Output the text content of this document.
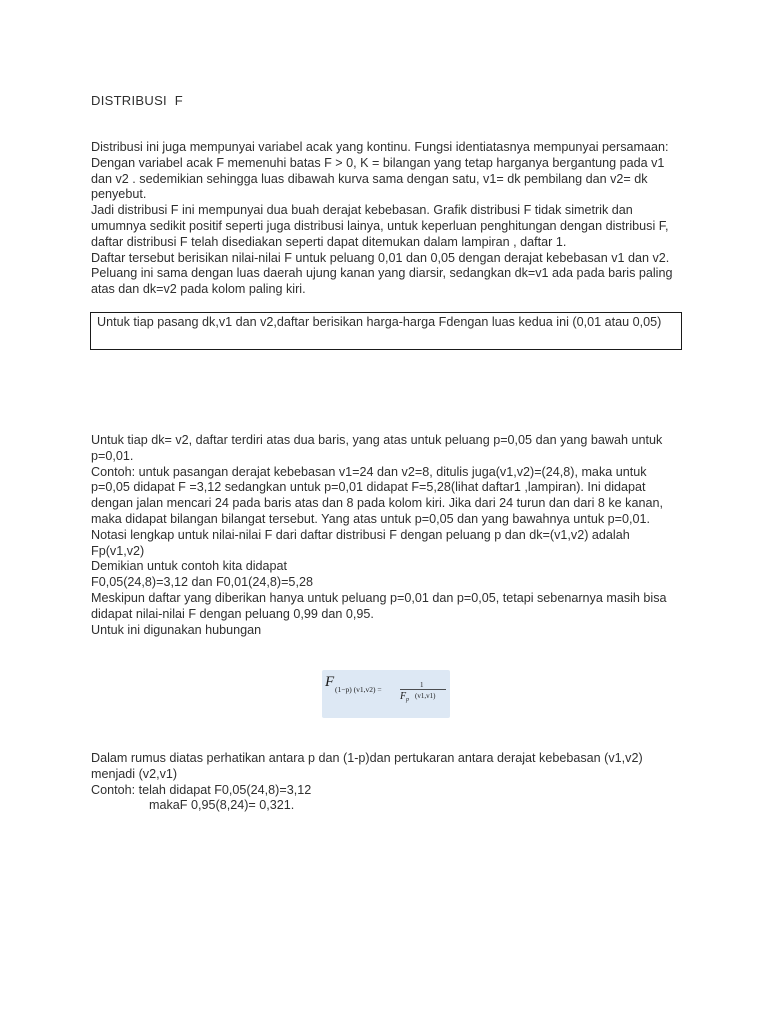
DISTRIBUSI  F

Distribusi ini juga mempunyai variabel acak yang kontinu. Fungsi identiatasnya mempunyai persamaan:

Dengan variabel acak F memenuhi batas F > 0, K = bilangan yang tetap harganya bergantung pada v1 dan v2 . sedemikian sehingga luas dibawah kurva sama dengan satu, v1= dk pembilang dan v2= dk penyebut.

Jadi distribusi F ini mempunyai dua buah derajat kebebasan. Grafik distribusi F tidak simetrik dan umumnya sedikit positif seperti juga distribusi lainya, untuk keperluan penghitungan dengan distribusi F, daftar distribusi F telah disediakan seperti dapat ditemukan dalam lampiran , daftar 1.

Daftar tersebut berisikan nilai-nilai F untuk peluang 0,01 dan 0,05 dengan derajat kebebasan v1 dan v2. Peluang ini sama dengan luas daerah ujung kanan yang diarsir, sedangkan dk=v1 ada pada baris paling atas dan dk=v2 pada kolom paling kiri.

Untuk tiap pasang dk,v1 dan v2,daftar berisikan harga-harga Fdengan luas kedua ini (0,01 atau 0,05)

Untuk tiap dk= v2, daftar terdiri atas dua baris, yang atas untuk peluang p=0,05 dan yang bawah untuk p=0,01.

Contoh: untuk pasangan derajat kebebasan v1=24 dan v2=8, ditulis juga(v1,v2)=(24,8), maka untuk p=0,05 didapat F =3,12 sedangkan untuk p=0,01 didapat F=5,28(lihat daftar1 ,lampiran). Ini didapat dengan jalan mencari 24 pada baris atas dan 8 pada kolom kiri. Jika dari 24 turun dan dari 8 ke kanan, maka didapat bilangan bilangat tersebut. Yang atas untuk p=0,05 dan yang bawahnya untuk p=0,01.

Notasi lengkap untuk nilai-nilai F dari daftar distribusi F dengan peluang p dan dk=(v1,v2) adalah Fp(v1,v2)

Demikian untuk contoh kita didapat

F0,05(24,8)=3,12 dan F0,01(24,8)=5,28

Meskipun daftar yang diberikan hanya untuk peluang p=0,01 dan p=0,05, tetapi sebenarnya masih bisa didapat nilai-nilai F dengan peluang 0,99 dan 0,95.

Untuk ini digunakan hubungan

F (1−p) (v1,v2) =	1
F p (v1,v1)

Dalam rumus diatas perhatikan antara p dan (1-p)dan pertukaran antara derajat kebebasan (v1,v2) menjadi (v2,v1)

Contoh: telah didapat F0,05(24,8)=3,12

makaF 0,95(8,24)= 0,321.
